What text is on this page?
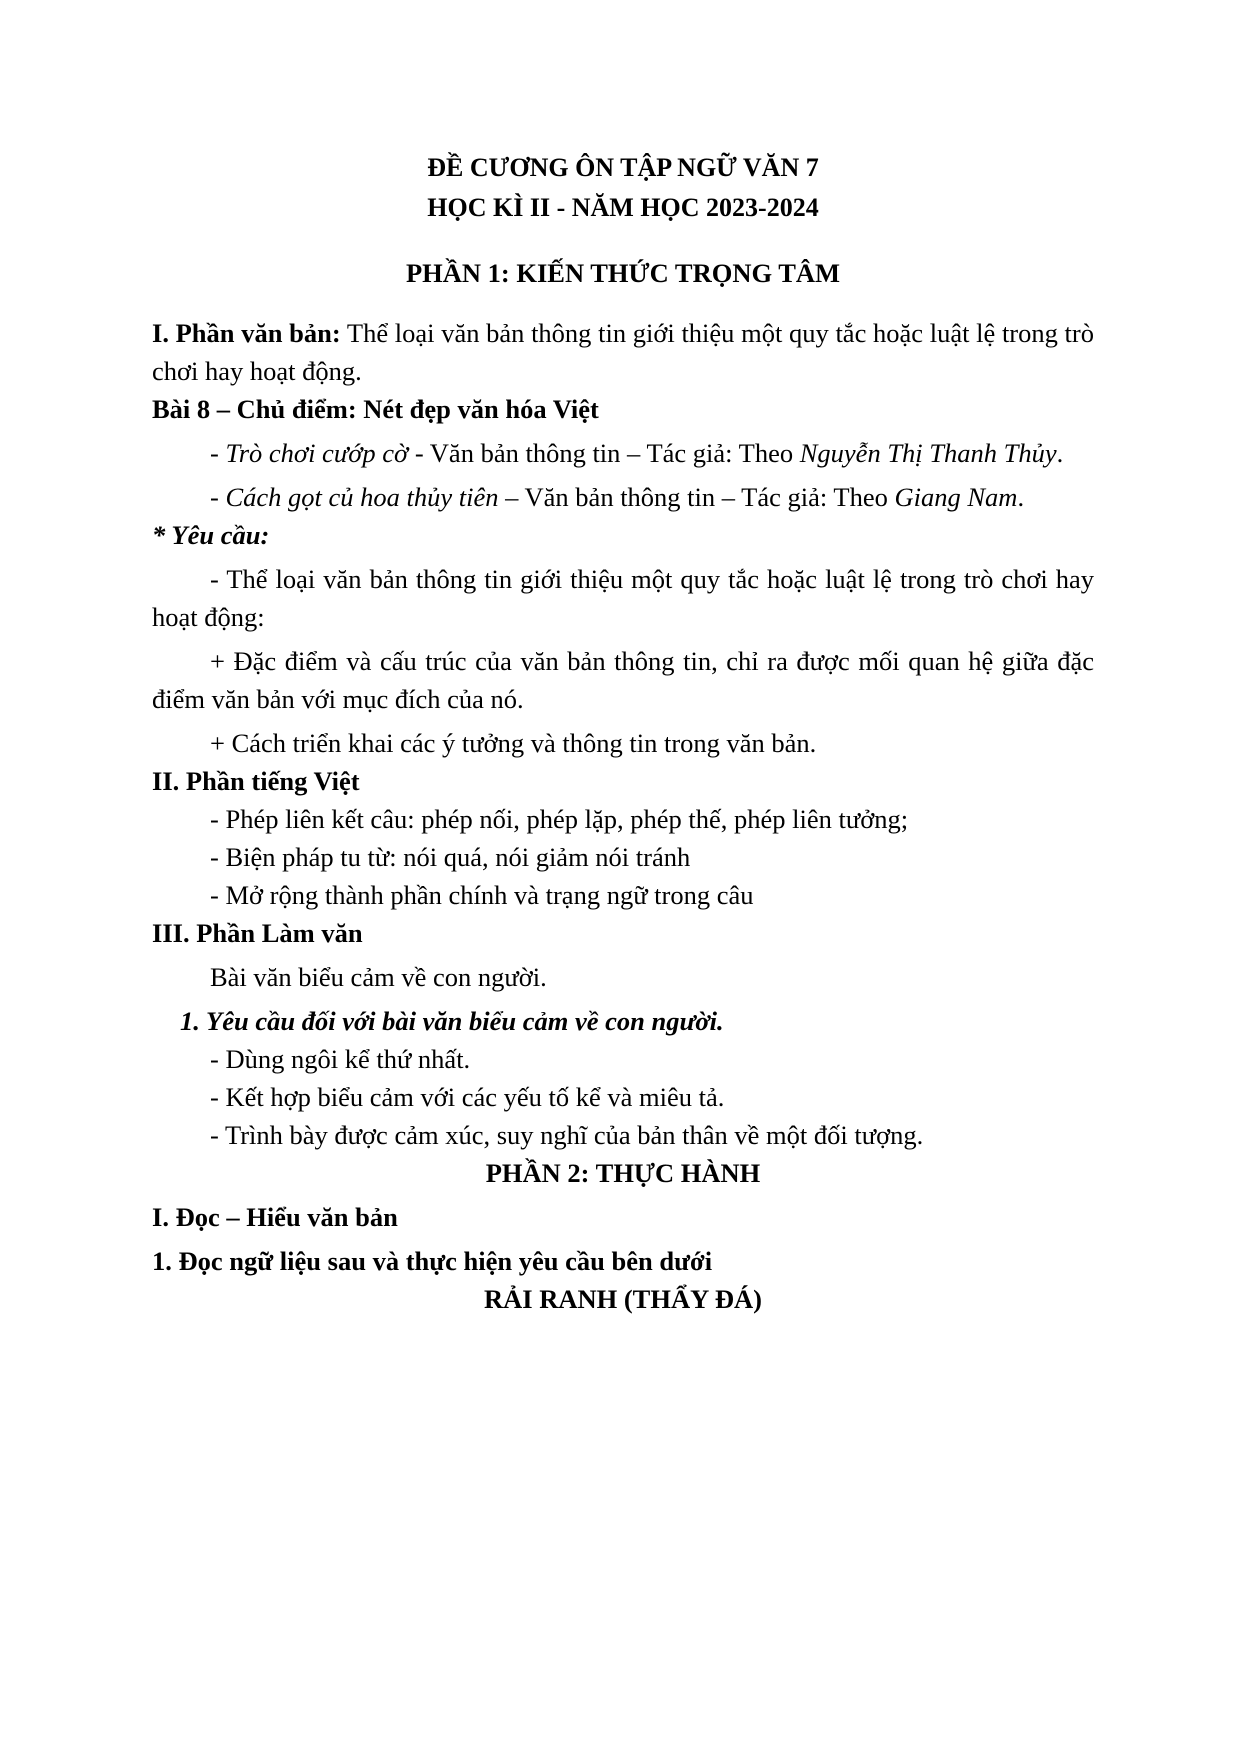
ĐỀ CƯƠNG ÔN TẬP NGỮ VĂN 7
HỌC KÌ II - NĂM HỌC 2023-2024
PHẦN 1: KIẾN THỨC TRỌNG TÂM
I. Phần văn bản: Thể loại văn bản thông tin giới thiệu một quy tắc hoặc luật lệ trong trò chơi hay hoạt động.
Bài 8 – Chủ điểm: Nét đẹp văn hóa Việt
- Trò chơi cướp cờ - Văn bản thông tin – Tác giả: Theo Nguyễn Thị Thanh Thủy.
- Cách gọt củ hoa thủy tiên – Văn bản thông tin – Tác giả: Theo Giang Nam.
* Yêu cầu:
- Thể loại văn bản thông tin giới thiệu một quy tắc hoặc luật lệ trong trò chơi hay hoạt động:
+ Đặc điểm và cấu trúc của văn bản thông tin, chỉ ra được mối quan hệ giữa đặc điểm văn bản với mục đích của nó.
+ Cách triển khai các ý tưởng và thông tin trong văn bản.
II. Phần tiếng Việt
- Phép liên kết câu: phép nối, phép lặp, phép thế, phép liên tưởng;
- Biện pháp tu từ: nói quá, nói giảm nói tránh
- Mở rộng thành phần chính và trạng ngữ trong câu
III. Phần Làm văn
Bài văn biểu cảm về con người.
1. Yêu cầu đối với bài văn biểu cảm về con người.
- Dùng ngôi kể thứ nhất.
- Kết hợp biểu cảm với các yếu tố kể và miêu tả.
- Trình bày được cảm xúc, suy nghĩ của bản thân về một đối tượng.
PHẦN 2: THỰC HÀNH
I. Đọc – Hiểu văn bản
1. Đọc ngữ liệu sau và thực hiện yêu cầu bên dưới
RẢI RANH (THẨY ĐÁ)
